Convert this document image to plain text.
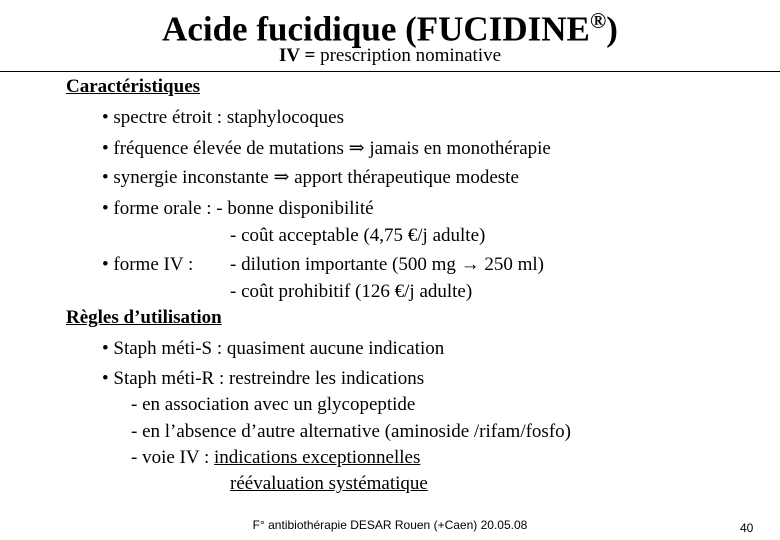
Acide fucidique (FUCIDINE®)
IV = prescription nominative
Caractéristiques
• spectre étroit : staphylocoques
• fréquence élevée de mutations ⇒ jamais en monothérapie
• synergie inconstante ⇒ apport thérapeutique modeste
• forme orale : - bonne disponibilité
- coût acceptable (4,75 €/j adulte)
• forme IV : - dilution importante (500 mg → 250 ml)
- coût prohibitif (126 €/j adulte)
Règles d’utilisation
• Staph méti-S : quasiment aucune indication
• Staph méti-R : restreindre les indications
- en association avec un glycopeptide
- en l’absence d’autre alternative (aminoside /rifam/fosfo)
- voie IV : indications exceptionnelles
réévaluation systématique
F° antibiothérapie DESAR Rouen (+Caen) 20.05.08	40
